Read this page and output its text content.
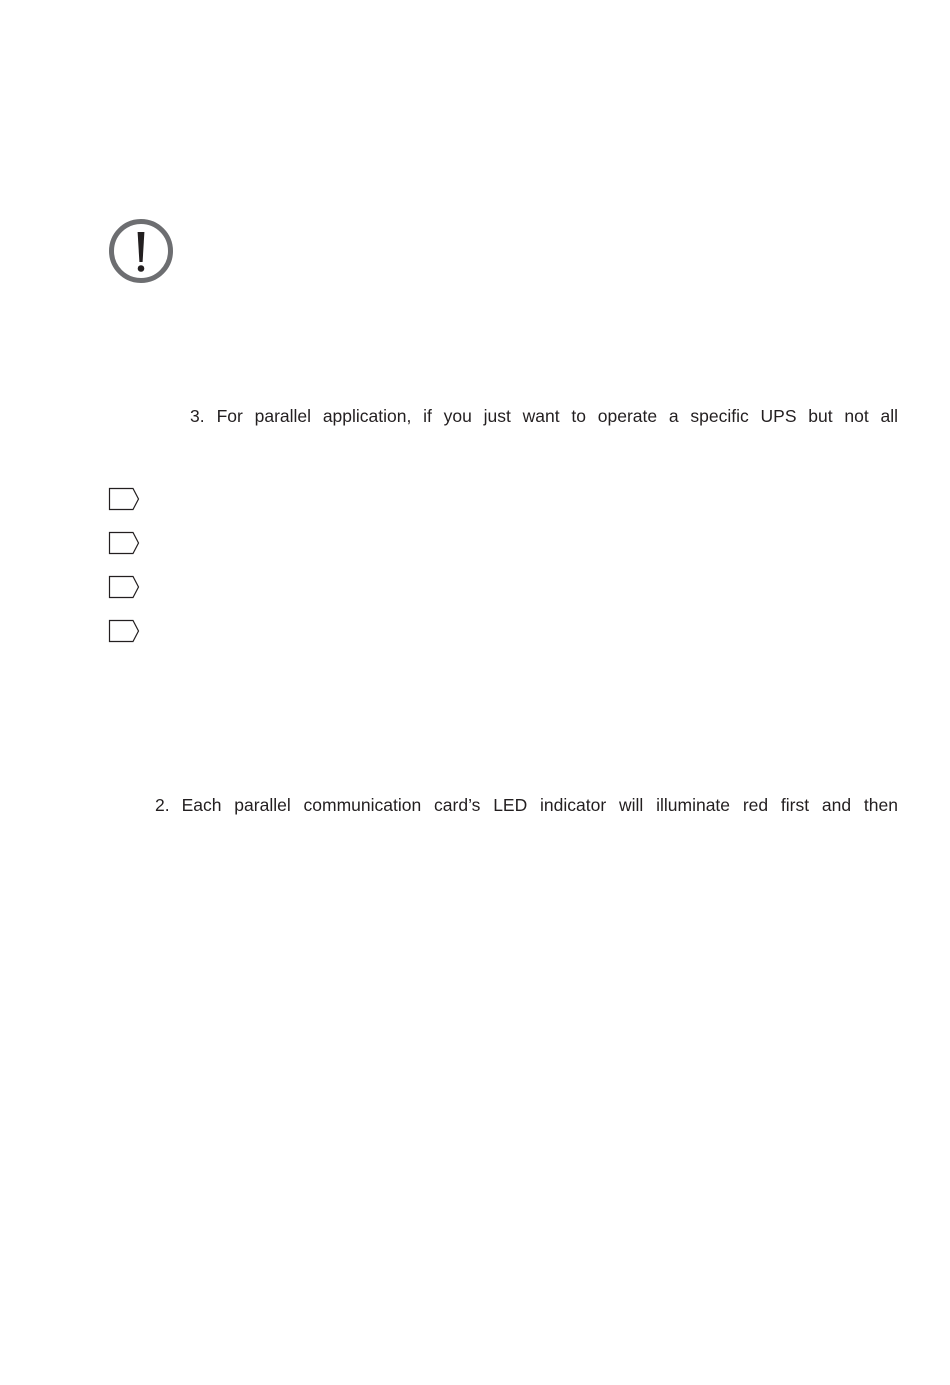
3. For parallel application, if you just want to operate a specific UPS but not all
2. Each parallel communication card’s LED indicator will illuminate red first and then
